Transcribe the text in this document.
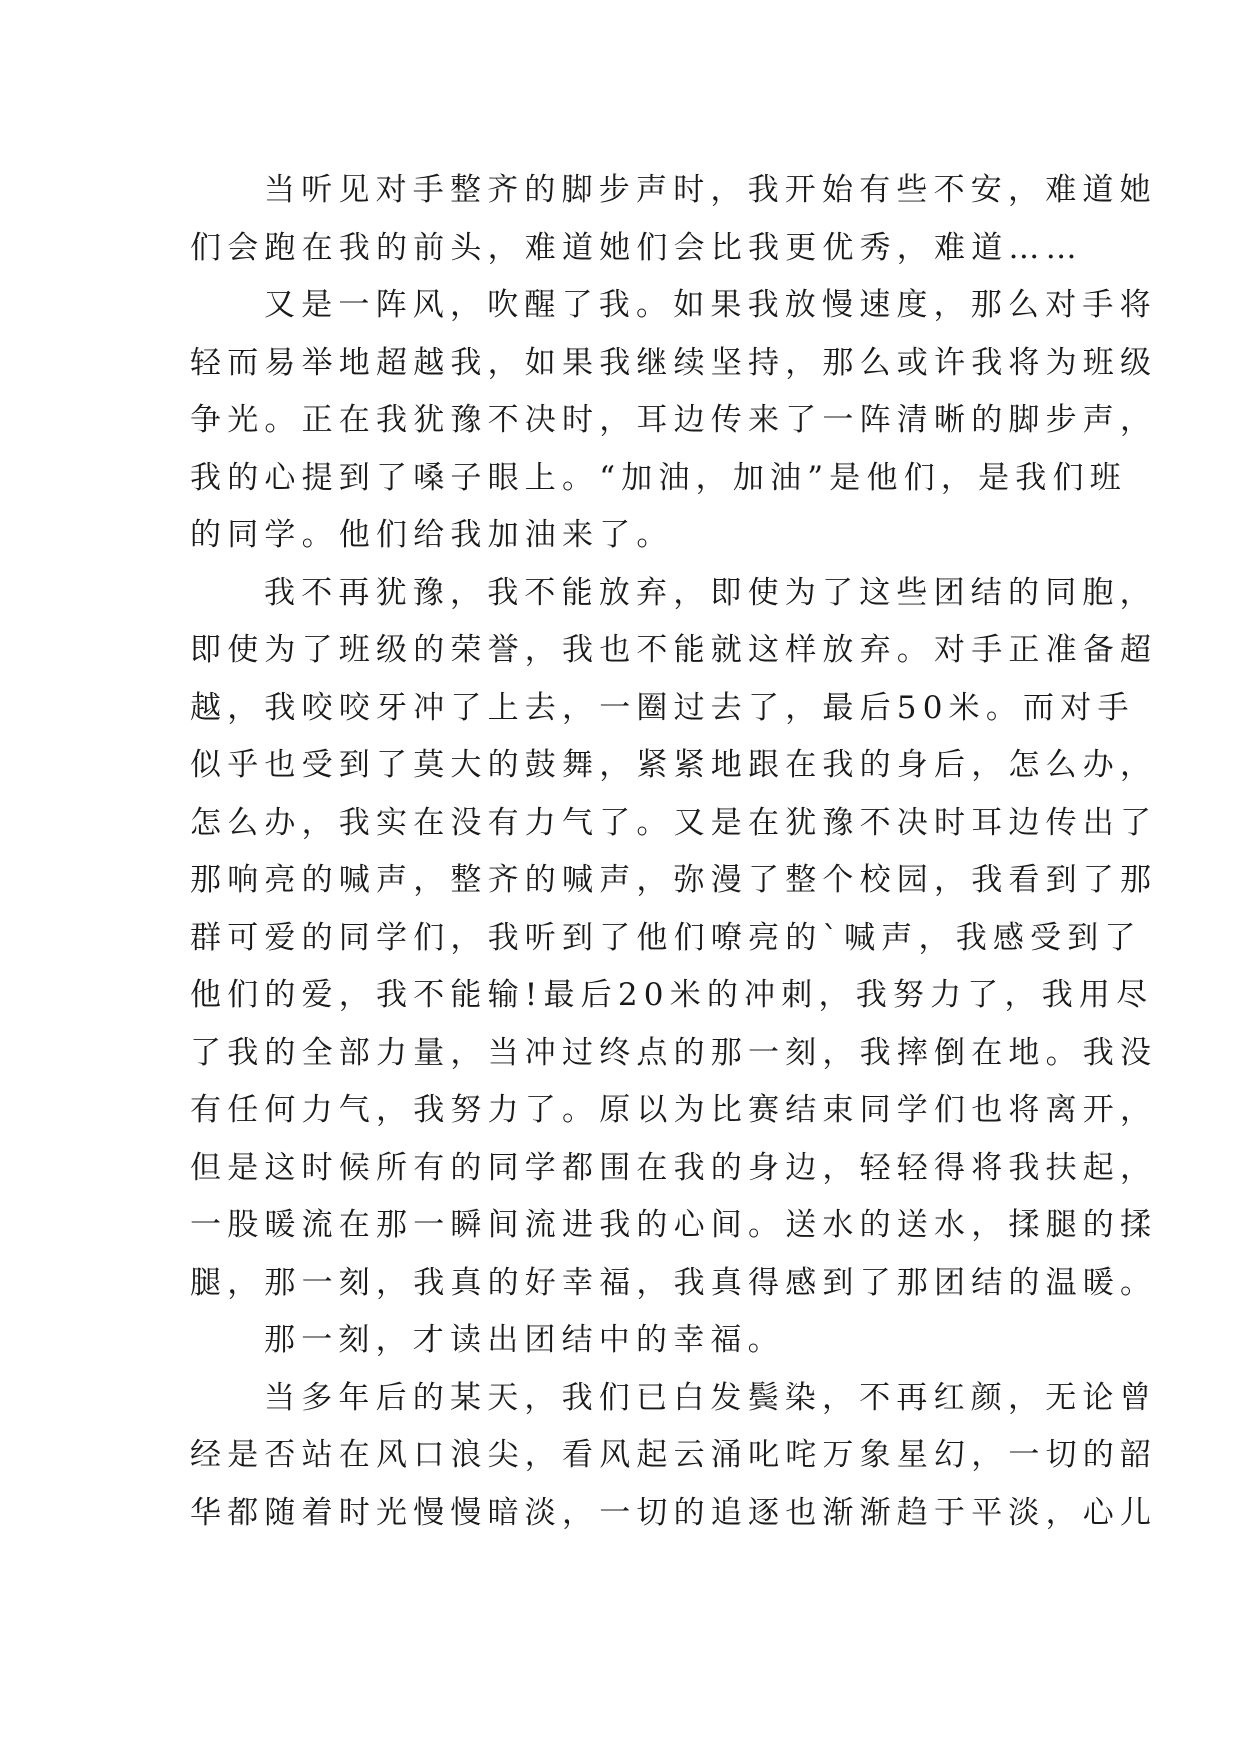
当听见对手整齐的脚步声时，我开始有些不安，难道她
们会跑在我的前头，难道她们会比我更优秀，难道……
又是一阵风，吹醒了我。如果我放慢速度，那么对手将
轻而易举地超越我，如果我继续坚持，那么或许我将为班级
争光。正在我犹豫不决时，耳边传来了一阵清晰的脚步声，
我的心提到了嗓子眼上。“加油，加油”是他们，是我们班
的同学。他们给我加油来了。
我不再犹豫，我不能放弃，即使为了这些团结的同胞，
即使为了班级的荣誉，我也不能就这样放弃。对手正准备超
越，我咬咬牙冲了上去，一圈过去了，最后50米。而对手
似乎也受到了莫大的鼓舞，紧紧地跟在我的身后，怎么办，
怎么办，我实在没有力气了。又是在犹豫不决时耳边传出了
那响亮的喊声，整齐的喊声，弥漫了整个校园，我看到了那
群可爱的同学们，我听到了他们嘹亮的`喊声，我感受到了
他们的爱，我不能输!最后20米的冲刺，我努力了，我用尽
了我的全部力量，当冲过终点的那一刻，我摔倒在地。我没
有任何力气，我努力了。原以为比赛结束同学们也将离开，
但是这时候所有的同学都围在我的身边，轻轻得将我扶起，
一股暖流在那一瞬间流进我的心间。送水的送水，揉腿的揉
腿，那一刻，我真的好幸福，我真得感到了那团结的温暖。
那一刻，才读出团结中的幸福。
当多年后的某天，我们已白发鬓染，不再红颜，无论曾
经是否站在风口浪尖，看风起云涌叱咤万象星幻，一切的韶
华都随着时光慢慢暗淡，一切的追逐也渐渐趋于平淡，心儿
